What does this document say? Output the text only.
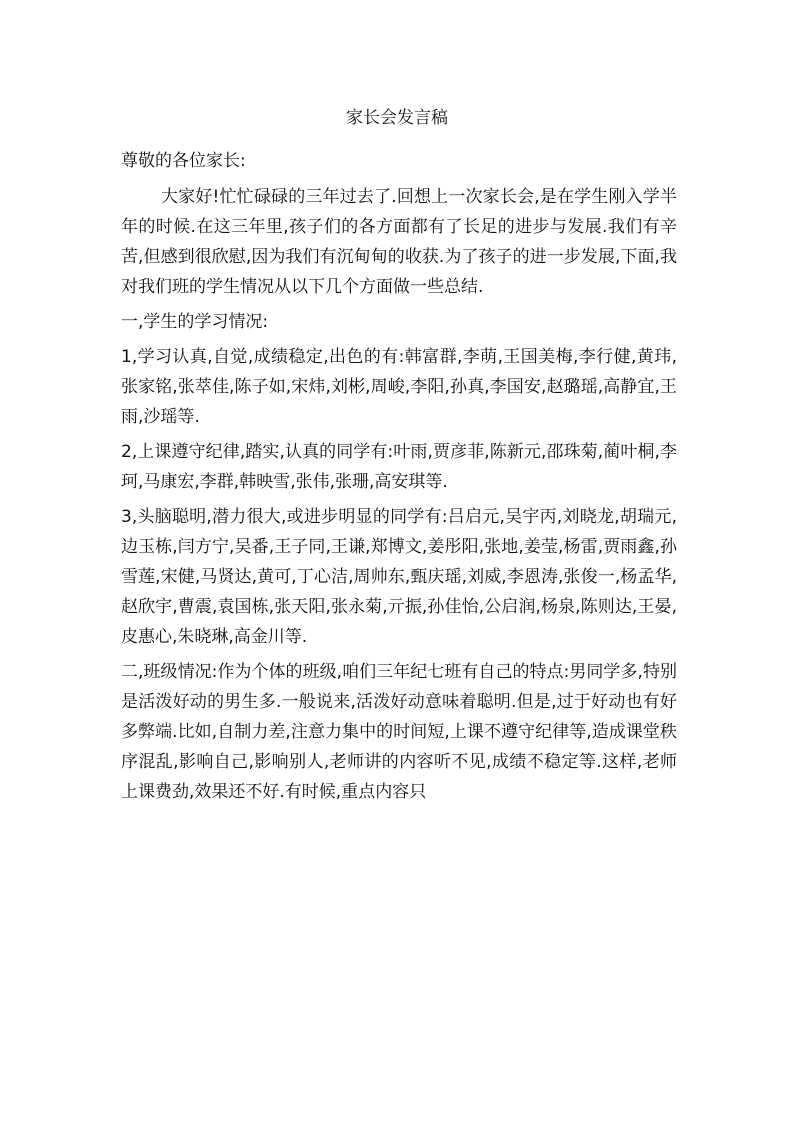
家长会发言稿
尊敬的各位家长:
大家好!忙忙碌碌的三年过去了.回想上一次家长会,是在学生刚入学半年的时候.在这三年里,孩子们的各方面都有了长足的进步与发展.我们有辛苦,但感到很欣慰,因为我们有沉甸甸的收获.为了孩子的进一步发展,下面,我对我们班的学生情况从以下几个方面做一些总结.
一,学生的学习情况:
1,学习认真,自觉,成绩稳定,出色的有:韩富群,李萌,王国美梅,李行健,黄玮,张家铭,张萃佳,陈子如,宋炜,刘彬,周峻,李阳,孙真,李国安,赵璐瑶,高静宜,王雨,沙瑶等.
2,上课遵守纪律,踏实,认真的同学有:叶雨,贾彦菲,陈新元,邵珠菊,蔺叶桐,李珂,马康宏,李群,韩映雪,张伟,张珊,高安琪等.
3,头脑聪明,潜力很大,或进步明显的同学有:吕启元,吴宇丙,刘晓龙,胡瑞元,边玉栋,闫方宁,吴番,王子同,王谦,郑博文,姜彤阳,张地,姜莹,杨雷,贾雨鑫,孙雪莲,宋健,马贤达,黄可,丁心洁,周帅东,甄庆瑶,刘威,李恩涛,张俊一,杨孟华,赵欣宇,曹震,袁国栋,张天阳,张永菊,亓振,孙佳怡,公启润,杨泉,陈则达,王晏,皮惠心,朱晓琳,高金川等.
二,班级情况:作为个体的班级,咱们三年纪七班有自己的特点:男同学多,特别是活泼好动的男生多.一般说来,活泼好动意味着聪明.但是,过于好动也有好多弊端.比如,自制力差,注意力集中的时间短,上课不遵守纪律等,造成课堂秩序混乱,影响自己,影响别人,老师讲的内容听不见,成绩不稳定等.这样,老师上课费劲,效果还不好.有时候,重点内容只
